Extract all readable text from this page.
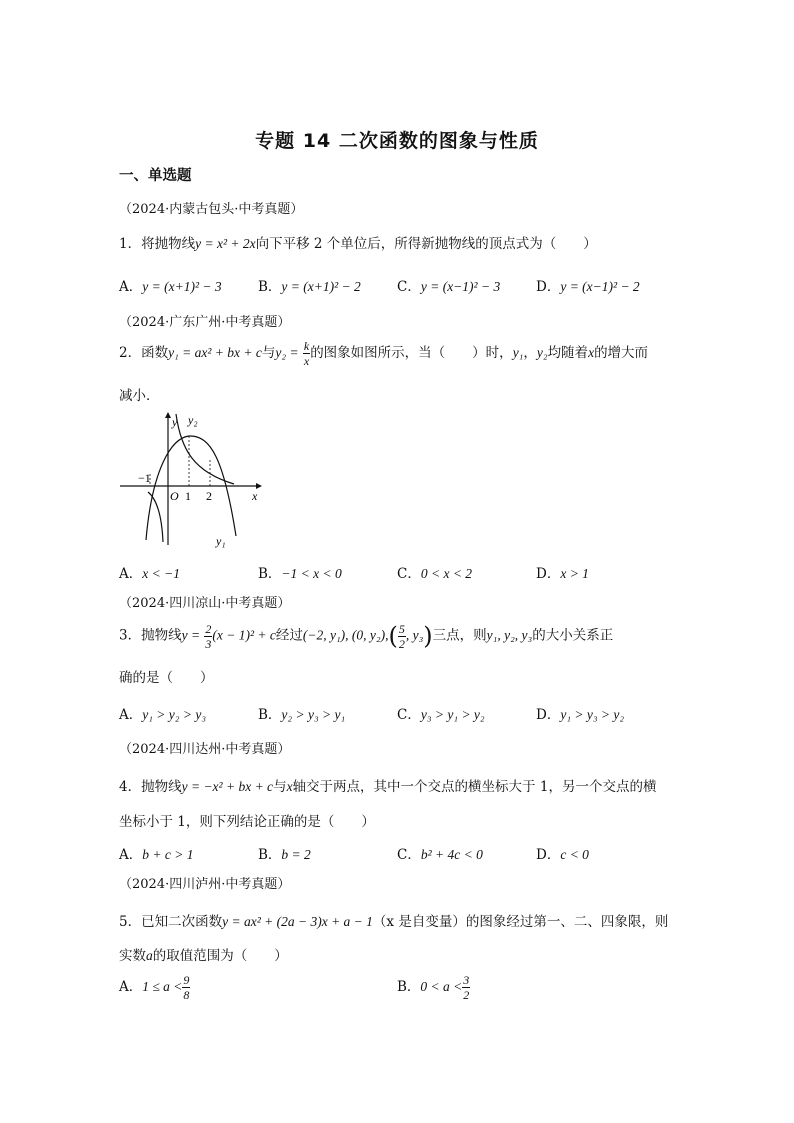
专题 14 二次函数的图象与性质
一、单选题
（2024·内蒙古包头·中考真题）
1．将抛物线y = x² + 2x向下平移 2 个单位后，所得新抛物线的顶点式为（　　）
A．y = (x+1)² − 3	B．y = (x+1)² − 2	C．y = (x−1)² − 3	D．y = (x−1)² − 2
（2024·广东广州·中考真题）
2．函数y₁ = ax² + bx + c与$y_2 = \frac{k}{x}$ 的图象如图所示，当（　　）时，y₁，y₂均随着x的增大而
减小．
y y₂
y₁
x
O 1 2
−1
A．x < −1	B．−1 < x < 0	C．0 < x < 2	D．x > 1
（2024·四川凉山·中考真题）
3．抛物线$y = \frac{2}{3} (x - 1)^2 + c$经过(−2, y₁), (0, $y_2),( \frac{5}{2}$ , y₃)三点，则y₁, y₂, y₃的大小关系正
确的是（　　）
A．y₁ > y₂ > y₃	B．y₂ > y₃ > y₁	C．y₃ > y₁ > y₂	D．y₁ > y₃ > y₂
（2024·四川达州·中考真题）
4．抛物线y = −x² + bx + c与x轴交于两点，其中一个交点的横坐标大于 1，另一个交点的横
坐标小于 1，则下列结论正确的是（　　）
A．b + c > 1	B．b = 2	C．b² + 4c < 0	D．c < 0
（2024·四川泸州·中考真题）
5．已知二次函数y = ax² + (2a − 3)x + a − 1（x 是自变量）的图象经过第一、二、四象限，则
实数a的取值范围为（　　）
A．$1 \le a < \frac{9}{8}$	B．$0 < a < \frac{3}{2}$
